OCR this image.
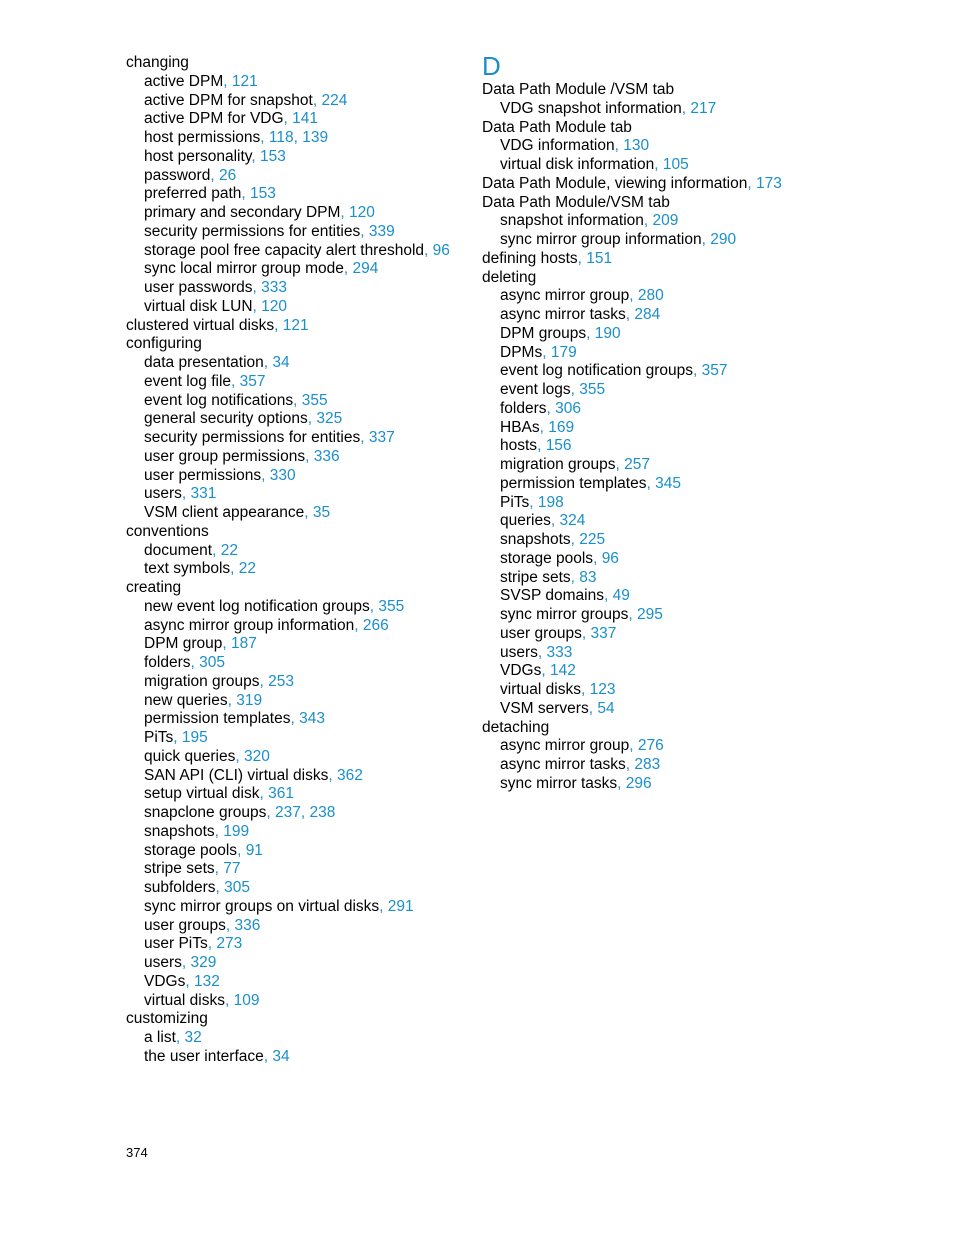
changing
active DPM, 121
active DPM for snapshot, 224
active DPM for VDG, 141
host permissions, 118, 139
host personality, 153
password, 26
preferred path, 153
primary and secondary DPM, 120
security permissions for entities, 339
storage pool free capacity alert threshold, 96
sync local mirror group mode, 294
user passwords, 333
virtual disk LUN, 120
clustered virtual disks, 121
configuring
data presentation, 34
event log file, 357
event log notifications, 355
general security options, 325
security permissions for entities, 337
user group permissions, 336
user permissions, 330
users, 331
VSM client appearance, 35
conventions
document, 22
text symbols, 22
creating
new event log notification groups, 355
async mirror group information, 266
DPM group, 187
folders, 305
migration groups, 253
new queries, 319
permission templates, 343
PiTs, 195
quick queries, 320
SAN API (CLI) virtual disks, 362
setup virtual disk, 361
snapclone groups, 237, 238
snapshots, 199
storage pools, 91
stripe sets, 77
subfolders, 305
sync mirror groups on virtual disks, 291
user groups, 336
user PiTs, 273
users, 329
VDGs, 132
virtual disks, 109
customizing
a list, 32
the user interface, 34
D
Data Path Module /VSM tab
VDG snapshot information, 217
Data Path Module tab
VDG information, 130
virtual disk information, 105
Data Path Module, viewing information, 173
Data Path Module/VSM tab
snapshot information, 209
sync mirror group information, 290
defining hosts, 151
deleting
async mirror group, 280
async mirror tasks, 284
DPM groups, 190
DPMs, 179
event log notification groups, 357
event logs, 355
folders, 306
HBAs, 169
hosts, 156
migration groups, 257
permission templates, 345
PiTs, 198
queries, 324
snapshots, 225
storage pools, 96
stripe sets, 83
SVSP domains, 49
sync mirror groups, 295
user groups, 337
users, 333
VDGs, 142
virtual disks, 123
VSM servers, 54
detaching
async mirror group, 276
async mirror tasks, 283
sync mirror tasks, 296
374
